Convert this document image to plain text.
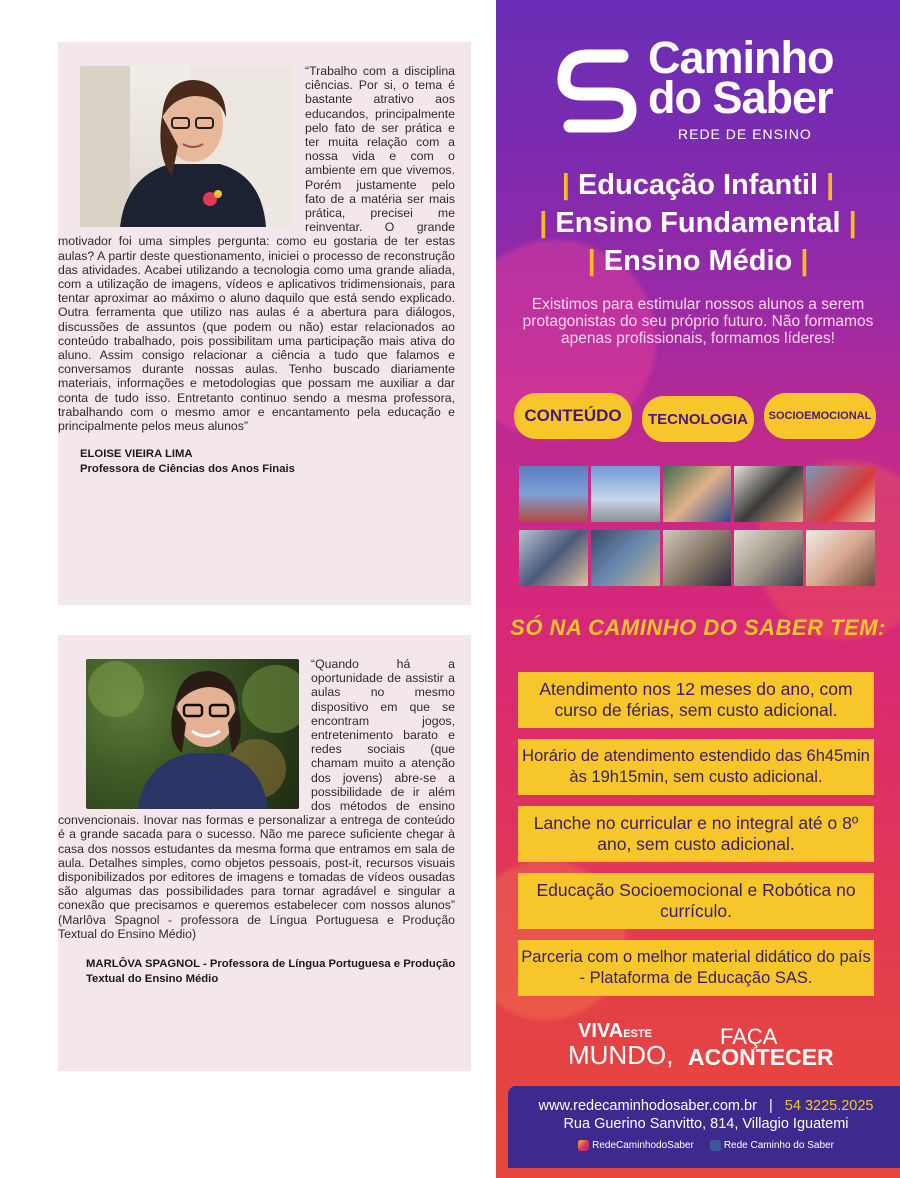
“Trabalho com a disciplina ciências. Por si, o tema é bastante atrativo aos educandos, principalmente pelo fato de ser prática e ter muita relação com a nossa vida e com o ambiente em que vivemos. Porém justamente pelo fato de a matéria ser mais prática, precisei me reinventar. O grande motivador foi uma simples pergunta: como eu gostaria de ter estas aulas? A partir deste questionamento, iniciei o processo de reconstrução das atividades. Acabei utilizando a tecnologia como uma grande aliada, com a utilização de imagens, vídeos e aplicativos tridimensionais, para tentar aproximar ao máximo o aluno daquilo que está sendo explicado. Outra ferramenta que utilizo nas aulas é a abertura para diálogos, discussões de assuntos (que podem ou não) estar relacionados ao conteúdo trabalhado, pois possibilitam uma participação mais ativa do aluno. Assim consigo relacionar a ciência a tudo que falamos e conversamos durante nossas aulas. Tenho buscado diariamente materiais, informações e metodologias que possam me auxiliar a dar conta de tudo isso. Entretanto continuo sendo a mesma professora, trabalhando com o mesmo amor e encantamento pela educação e principalmente pelos meus alunos”

ELOISE VIEIRA LIMA
Professora de Ciências dos Anos Finais

“Quando há a oportunidade de assistir a aulas no mesmo dispositivo em que se encontram jogos, entretenimento barato e redes sociais (que chamam muito a atenção dos jovens) abre-se a possibilidade de ir além dos métodos de ensino convencionais. Inovar nas formas e personalizar a entrega de conteúdo é a grande sacada para o sucesso. Não me parece suficiente chegar à casa dos nossos estudantes da mesma forma que entramos em sala de aula. Detalhes simples, como objetos pessoais, post-it, recursos visuais disponibilizados por editores de imagens e tomadas de vídeos ousadas são algumas das possibilidades para tornar agradável e singular a conexão que precisamos e queremos estabelecer com nossos alunos” (Marlôva Spagnol - professora de Língua Portuguesa e Produção Textual do Ensino Médio)

MARLÔVA SPAGNOL - Professora de Língua Portuguesa e Produção Textual do Ensino Médio
Caminho
do Saber
REDE DE ENSINO
| Educação Infantil |
| Ensino Fundamental |
| Ensino Médio |
Existimos para estimular nossos alunos a serem protagonistas do seu próprio futuro. Não formamos apenas profissionais, formamos líderes!
CONTEÚDO	TECNOLOGIA	SOCIOEMOCIONAL
SÓ NA CAMINHO DO SABER TEM:
Atendimento nos 12 meses do ano, com curso de férias, sem custo adicional.
Horário de atendimento estendido das 6h45min às 19h15min, sem custo adicional.
Lanche no curricular e no integral até o 8º ano, sem custo adicional.
Educação Socioemocional e Robótica no currículo.
Parceria com o melhor material didático do país - Plataforma de Educação SAS.
VIVAESTE	FAÇA
MUNDO, ACONTECER
www.redecaminhodosaber.com.br | 54 3225.2025
Rua Guerino Sanvitto, 814, Villagio Iguatemi
RedeCaminhodoSaber	Rede Caminho do Saber
